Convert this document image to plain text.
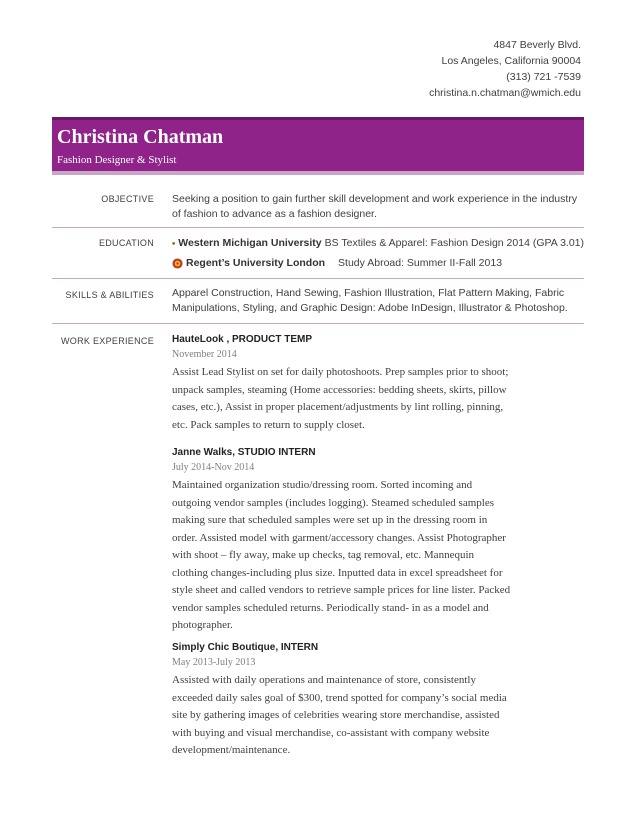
4847 Beverly Blvd.
Los Angeles, California 90004
(313) 721 -7539
christina.n.chatman@wmich.edu
Christina Chatman
Fashion Designer & Stylist
OBJECTIVE Seeking a position to gain further skill development and work experience in the industry of fashion to advance as a fashion designer.
EDUCATION Western Michigan University BS Textiles & Apparel: Fashion Design 2014 (GPA 3.01)
Regent’s University London Study Abroad: Summer II-Fall 2013
SKILLS & ABILITIES Apparel Construction, Hand Sewing, Fashion Illustration, Flat Pattern Making, Fabric Manipulations, Styling, and Graphic Design: Adobe InDesign, Illustrator & Photoshop.
WORK EXPERIENCE HauteLook , PRODUCT TEMP
November 2014
Assist Lead Stylist on set for daily photoshoots. Prep samples prior to shoot; unpack samples, steaming (Home accessories: bedding sheets, skirts, pillow cases, etc.), Assist in proper placement/adjustments by lint rolling, pinning, etc. Pack samples to return to supply closet.
Janne Walks, STUDIO INTERN
July 2014-Nov 2014
Maintained organization studio/dressing room. Sorted incoming and outgoing vendor samples (includes logging). Steamed scheduled samples making sure that scheduled samples were set up in the dressing room in order. Assisted model with garment/accessory changes. Assist Photographer with shoot – fly away, make up checks, tag removal, etc. Mannequin clothing changes-including plus size. Inputted data in excel spreadsheet for style sheet and called vendors to retrieve sample prices for line lister. Packed vendor samples scheduled returns. Periodically stand- in as a model and photographer.
Simply Chic Boutique, INTERN
May 2013-July 2013
Assisted with daily operations and maintenance of store, consistently exceeded daily sales goal of $300, trend spotted for company’s social media site by gathering images of celebrities wearing store merchandise, assisted with buying and visual merchandise, co-assistant with company website development/maintenance.
